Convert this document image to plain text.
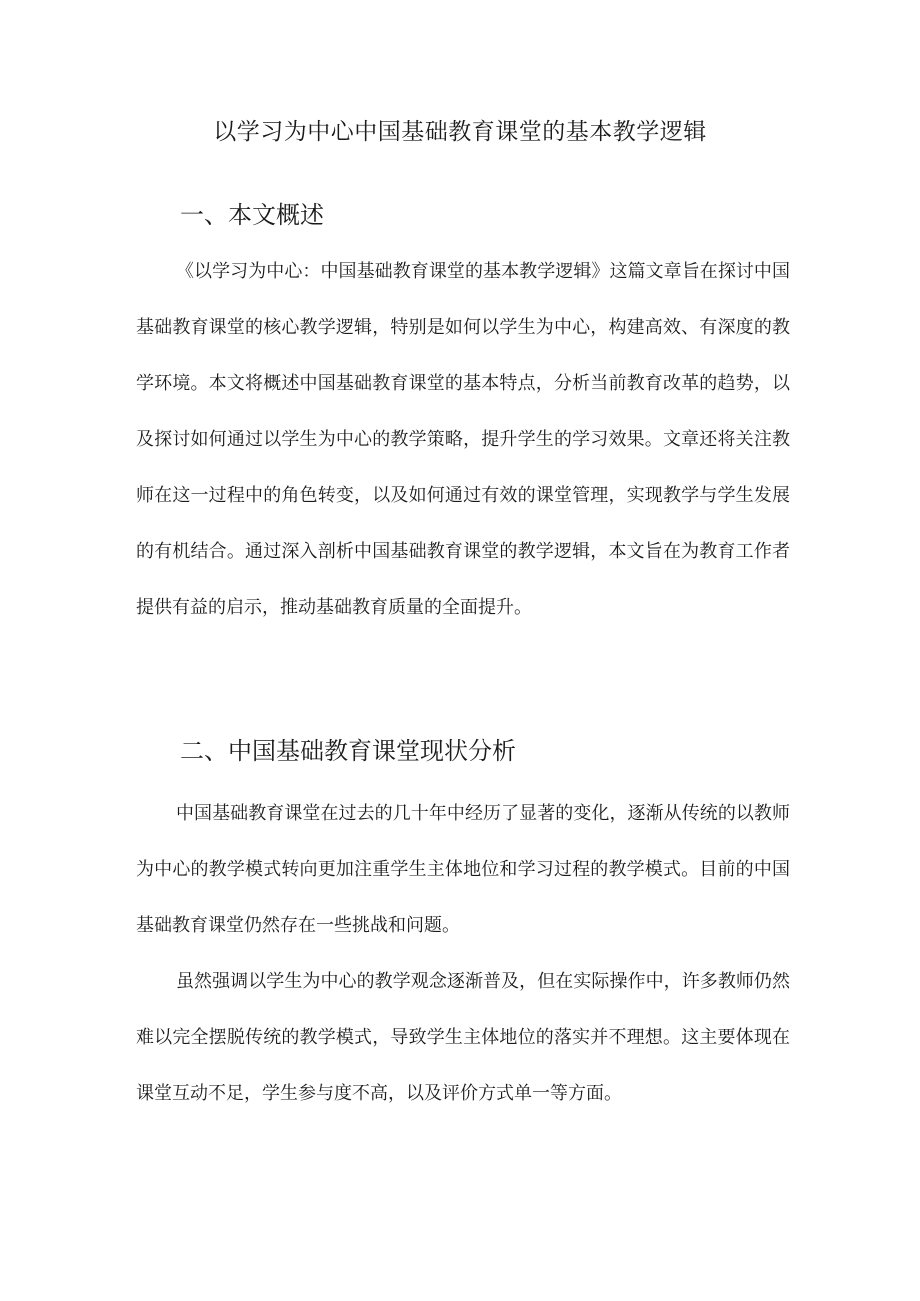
以学习为中心中国基础教育课堂的基本教学逻辑
一、本文概述

《以学习为中心：中国基础教育课堂的基本教学逻辑》这篇文章旨在探讨中国基础教育课堂的核心教学逻辑，特别是如何以学生为中心，构建高效、有深度的教学环境。本文将概述中国基础教育课堂的基本特点，分析当前教育改革的趋势，以及探讨如何通过以学生为中心的教学策略，提升学生的学习效果。文章还将关注教师在这一过程中的角色转变，以及如何通过有效的课堂管理，实现教学与学生发展的有机结合。通过深入剖析中国基础教育课堂的教学逻辑，本文旨在为教育工作者提供有益的启示，推动基础教育质量的全面提升。

二、中国基础教育课堂现状分析

中国基础教育课堂在过去的几十年中经历了显著的变化，逐渐从传统的以教师为中心的教学模式转向更加注重学生主体地位和学习过程的教学模式。目前的中国基础教育课堂仍然存在一些挑战和问题。

虽然强调以学生为中心的教学观念逐渐普及，但在实际操作中，许多教师仍然难以完全摆脱传统的教学模式，导致学生主体地位的落实并不理想。这主要体现在课堂互动不足，学生参与度不高，以及评价方式单一等方面。
